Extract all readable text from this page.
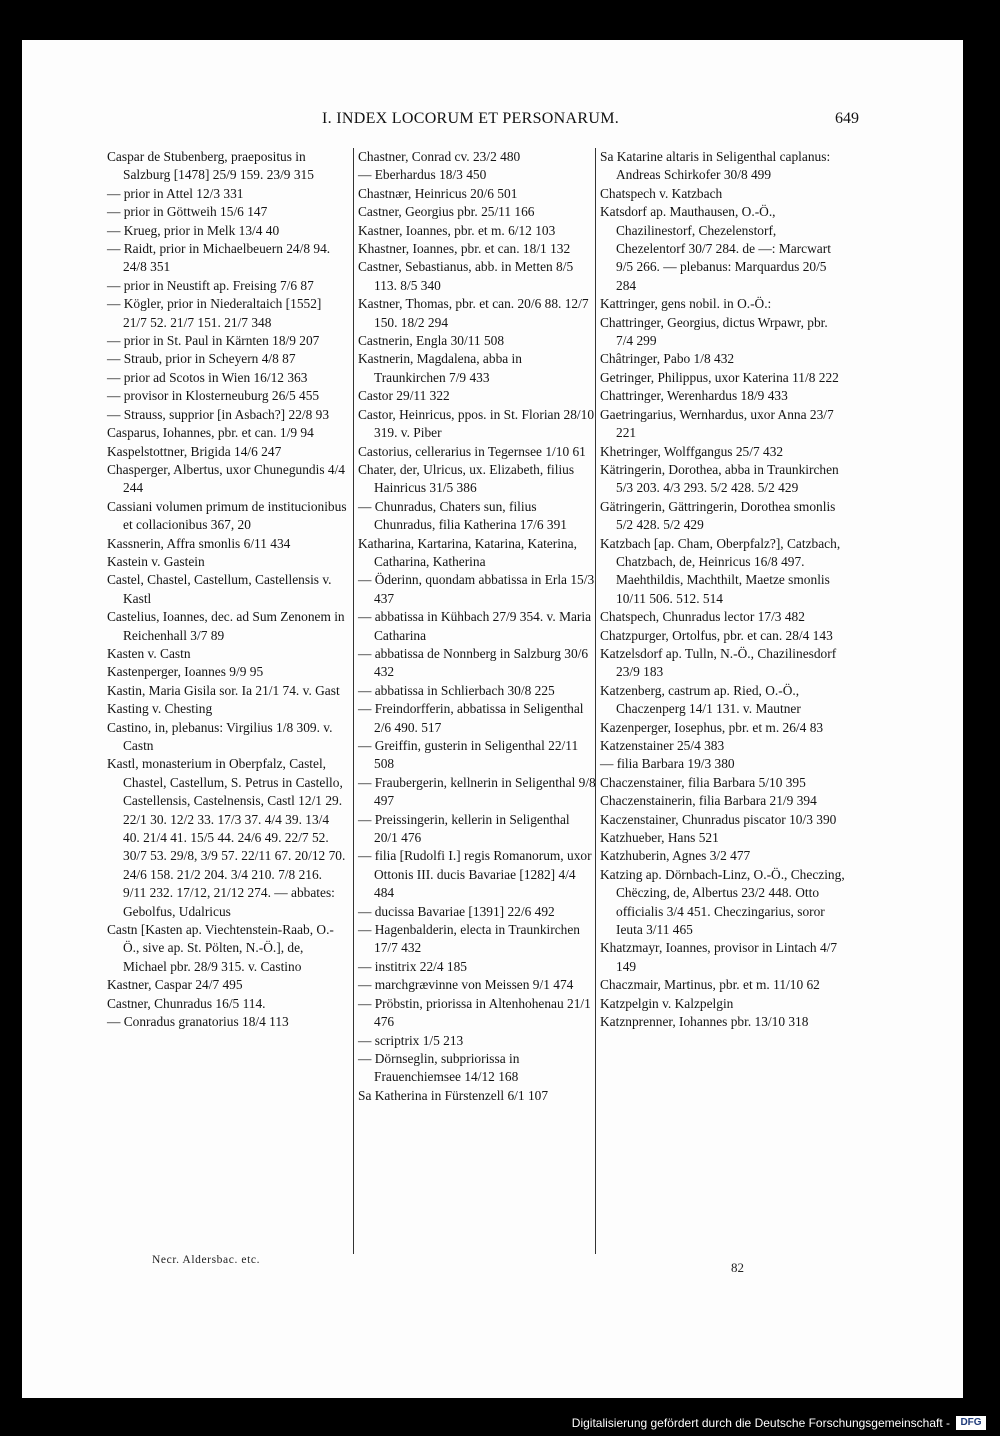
I. INDEX LOCORUM ET PERSONARUM.	649

Caspar de Stubenberg, praepositus in Salzburg [1478] 25/9 159. 23/9 315

— prior in Attel 12/3 331

— prior in Göttweih 15/6 147

— Krueg, prior in Melk 13/4 40

— Raidt, prior in Michaelbeuern 24/8 94. 24/8 351

— prior in Neustift ap. Freising 7/6 87

— Kögler, prior in Niederaltaich [1552] 21/7 52. 21/7 151. 21/7 348

— prior in St. Paul in Kärnten 18/9 207

— Straub, prior in Scheyern 4/8 87

— prior ad Scotos in Wien 16/12 363

— provisor in Klosterneuburg 26/5 455

— Strauss, supprior [in Asbach?] 22/8 93

Casparus, Iohannes, pbr. et can. 1/9 94

Kaspelstottner, Brigida 14/6 247

Chasperger, Albertus, uxor Chunegundis 4/4 244

Cassiani volumen primum de institucionibus et collacionibus 367, 20

Kassnerin, Affra smonlis 6/11 434

Kastein v. Gastein

Castel, Chastel, Castellum, Castellensis v. Kastl

Castelius, Ioannes, dec. ad Sum Zenonem in Reichenhall 3/7 89

Kasten v. Castn

Kastenperger, Ioannes 9/9 95

Kastin, Maria Gisila sor. Ia 21/1 74. v. Gast

Kasting v. Chesting

Castino, in, plebanus: Virgilius 1/8 309. v. Castn

Kastl, monasterium in Oberpfalz, Castel, Chastel, Castellum, S. Petrus in Castello, Castellensis, Castelnensis, Castl 12/1 29. 22/1 30. 12/2 33. 17/3 37. 4/4 39. 13/4 40. 21/4 41. 15/5 44. 24/6 49. 22/7 52. 30/7 53. 29/8, 3/9 57. 22/11 67. 20/12 70. 24/6 158. 21/2 204. 3/4 210. 7/8 216. 9/11 232. 17/12, 21/12 274. — abbates: Gebolfus, Udalricus

Castn [Kasten ap. Viechtenstein-Raab, O.-Ö., sive ap. St. Pölten, N.-Ö.], de, Michael pbr. 28/9 315. v. Castino

Kastner, Caspar 24/7 495

Castner, Chunradus 16/5 114.

— Conradus granatorius 18/4 113

Chastner, Conrad cv. 23/2 480

— Eberhardus 18/3 450

Chastnær, Heinricus 20/6 501

Castner, Georgius pbr. 25/11 166

Kastner, Ioannes, pbr. et m. 6/12 103

Khastner, Ioannes, pbr. et can. 18/1 132

Castner, Sebastianus, abb. in Metten 8/5 113. 8/5 340

Kastner, Thomas, pbr. et can. 20/6 88. 12/7 150. 18/2 294

Castnerin, Engla 30/11 508

Kastnerin, Magdalena, abba in Traunkirchen 7/9 433

Castor 29/11 322

Castor, Heinricus, ppos. in St. Florian 28/10 319. v. Piber

Castorius, cellerarius in Tegernsee 1/10 61

Chater, der, Ulricus, ux. Elizabeth, filius Hainricus 31/5 386

— Chunradus, Chaters sun, filius Chunradus, filia Katherina 17/6 391

Katharina, Kartarina, Katarina, Katerina, Catharina, Katherina

— Öderinn, quondam abbatissa in Erla 15/3 437

— abbatissa in Kühbach 27/9 354. v. Maria Catharina

— abbatissa de Nonnberg in Salzburg 30/6 432

— abbatissa in Schlierbach 30/8 225

— Freindorfferin, abbatissa in Seligenthal 2/6 490. 517

— Greiffin, gusterin in Seligenthal 22/11 508

— Fraubergerin, kellnerin in Seligenthal 9/8 497

— Preissingerin, kellerin in Seligenthal 20/1 476

— filia [Rudolfi I.] regis Romanorum, uxor Ottonis III. ducis Bavariae [1282] 4/4 484

— ducissa Bavariae [1391] 22/6 492

— Hagenbalderin, electa in Traunkirchen 17/7 432

— institrix 22/4 185

— marchgrævinne von Meissen 9/1 474

— Pröbstin, priorissa in Altenhohenau 21/1 476

— scriptrix 1/5 213

— Dörnseglin, subpriorissa in Frauenchiemsee 14/12 168

Sa Katherina in Fürstenzell 6/1 107

Sa Katarine altaris in Seligenthal caplanus: Andreas Schirkofer 30/8 499

Chatspech v. Katzbach

Katsdorf ap. Mauthausen, O.-Ö., Chazilinestorf, Chezelenstorf, Chezelentorf 30/7 284. de —: Marcwart 9/5 266. — plebanus: Marquardus 20/5 284

Kattringer, gens nobil. in O.-Ö.:

Chattringer, Georgius, dictus Wrpawr, pbr. 7/4 299

Châtringer, Pabo 1/8 432

Getringer, Philippus, uxor Katerina 11/8 222

Chattringer, Werenhardus 18/9 433

Gaetringarius, Wernhardus, uxor Anna 23/7 221

Khetringer, Wolffgangus 25/7 432

Kätringerin, Dorothea, abba in Traunkirchen 5/3 203. 4/3 293. 5/2 428. 5/2 429

Gätringerin, Gättringerin, Dorothea smonlis 5/2 428. 5/2 429

Katzbach [ap. Cham, Oberpfalz?], Catzbach, Chatzbach, de, Heinricus 16/8 497. Maehthildis, Machthilt, Maetze smonlis 10/11 506. 512. 514

Chatspech, Chunradus lector 17/3 482

Chatzpurger, Ortolfus, pbr. et can. 28/4 143

Katzelsdorf ap. Tulln, N.-Ö., Chazilinesdorf 23/9 183

Katzenberg, castrum ap. Ried, O.-Ö., Chaczenperg 14/1 131. v. Mautner

Kazenperger, Iosephus, pbr. et m. 26/4 83

Katzenstainer 25/4 383

— filia Barbara 19/3 380

Chaczenstainer, filia Barbara 5/10 395

Chaczenstainerin, filia Barbara 21/9 394

Kaczenstainer, Chunradus piscator 10/3 390

Katzhueber, Hans 521

Katzhuberin, Agnes 3/2 477

Katzing ap. Dörnbach-Linz, O.-Ö., Checzing, Chëczing, de, Albertus 23/2 448. Otto officialis 3/4 451. Checzingarius, soror Ieuta 3/11 465

Khatzmayr, Ioannes, provisor in Lintach 4/7 149

Chaczmair, Martinus, pbr. et m. 11/10 62

Katzpelgin v. Kalzpelgin

Katznprenner, Iohannes pbr. 13/10 318

Necr. Aldersbac. etc.	82
Digitalisierung gefördert durch die Deutsche Forschungsgemeinschaft -	DFG
